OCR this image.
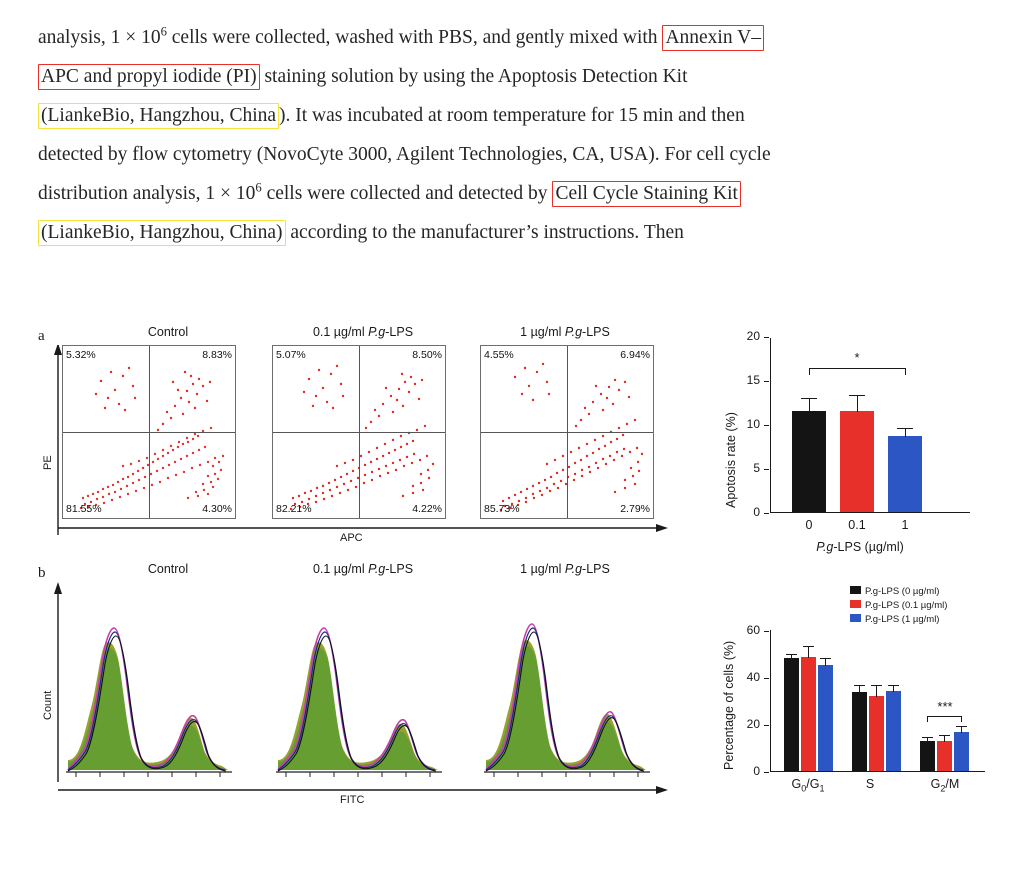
analysis, $1 \times 10^6$ cells were collected, washed with PBS, and gently mixed with Annexin V–
APC and propyl iodide (PI) staining solution by using the Apoptosis Detection Kit
(LiankeBio, Hangzhou, China ). It was incubated at room temperature for 15 min and then
detected by flow cytometry (NovoCyte 3000, Agilent Technologies, CA, USA). For cell cycle
distribution analysis, $1 \times 10^6$ cells were collected and detected by Cell Cycle Staining Kit
(LiankeBio, Hangzhou, China) according to the manufacturer’s instructions. Then
a	Control	0.1 µg/ml P.g-LPS	1 µg/ml P.g-LPS
PE
5.32%	8.83%
81.55%	4.30%
5.07%	8.50%
82.21%	4.22%
4.55%	6.94%
85.73%	2.79%
APC
0
5
10
15
20
Apotosis rate (%)
*
0	0.1	1
P.g-LPS (µg/ml)
b	Control	0.1 µg/ml P.g-LPS	1 µg/ml P.g-LPS
Count
FITC
P.g-LPS (0 µg/ml)
P.g-LPS (0.1 µg/ml)
P.g-LPS (1 µg/ml)
0
20
40
60
Percentage of cells (%)	***
$G_0/G_1$	S	$G_2/M$
